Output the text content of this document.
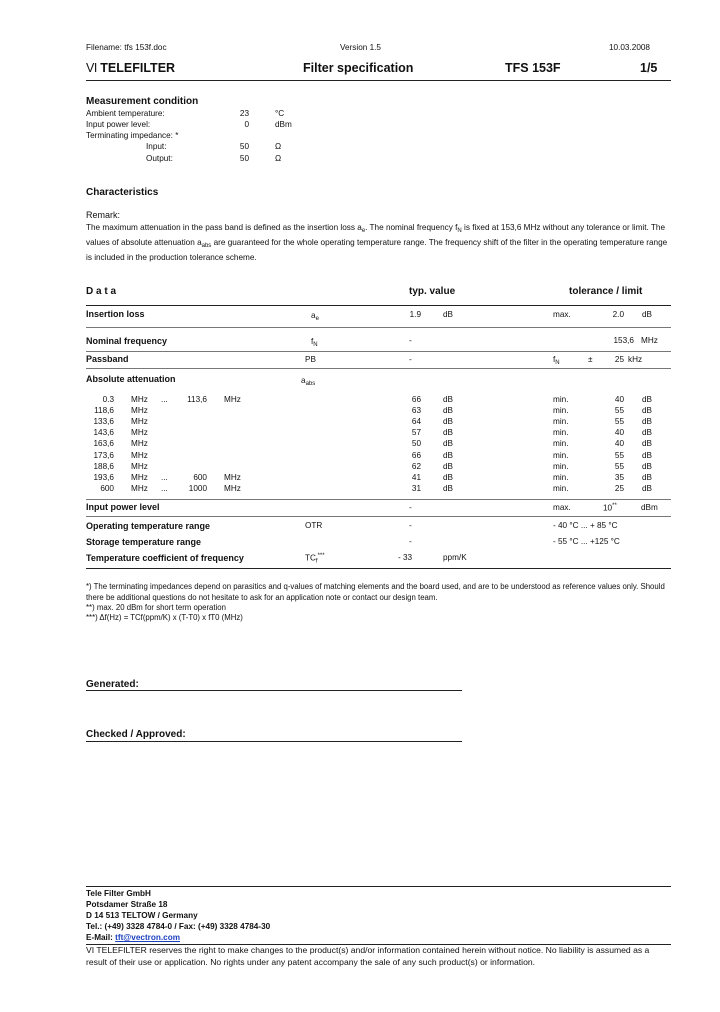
Filename: tfs 153f.doc	Version 1.5	10.03.2008
VI TELEFILTER	Filter specification	TFS 153F	1/5
Measurement condition
Ambient temperature:	23	°C
Input power level:	0	dBm
Terminating impedance: *
Input:	50	Ω
Output:	50	Ω
Characteristics
Remark:
The maximum attenuation in the pass band is defined as the insertion loss $a_e$. The nominal frequency $f_N$ is fixed at 153,6 MHz without any tolerance or limit. The values of absolute attenuation $a_{abs}$ are guaranteed for the whole operating temperature range. The frequency shift of the filter in the operating temperature range is included in the production tolerance scheme.
D a t a	typ. value	tolerance / limit
Insertion loss	$a_e$	1.9	dB	max.	2.0 dB
Nominal frequency	$f_N$	-	153,6 MHz
Passband	PB	-	$f_N$	±	25 kHz
Absolute attenuation	$a_{abs}$
0.3 MHz ...	113,6 MHz	66	dB	min.	40 dB
118,6 MHz	63	dB	min.	55 dB
133,6 MHz	64	dB	min.	55 dB
143,6 MHz	57	dB	min.	40 dB
163,6 MHz	50	dB	min.	40 dB
173,6 MHz	66	dB	min.	55 dB
188,6 MHz	62	dB	min.	55 dB
193,6 MHz ...	600 MHz	41	dB	min.	35 dB
600 MHz ...	1000 MHz	31	dB	min.	25 dB
Input power level	-	max.	10**	dBm
Operating temperature range	OTR	-	- 40 °C ... + 85 °C
Storage temperature range	-	- 55 °C ... +125 °C
Temperature coefficient of frequency	$TC_f^{***}$	- 33	ppm/K
*) The terminating impedances depend on parasitics and q-values of matching elements and the board used, and are to be understood as reference values only. Should there be additional questions do not hesitate to ask for an application note or contact our design team.
**) max. 20 dBm for short term operation
***) Δf(Hz) = TCf(ppm/K) x (T-T0) x fT0 (MHz)
Generated:
Checked / Approved:
Tele Filter GmbH
Potsdamer Straße 18
D 14 513 TELTOW / Germany
Tel.: (+49) 3328 4784-0 / Fax: (+49) 3328 4784-30
E-Mail: tft@vectron.com
VI TELEFILTER reserves the right to make changes to the product(s) and/or information contained herein without notice. No liability is assumed as a result of their use or application. No rights under any patent accompany the sale of any such product(s) or information.
